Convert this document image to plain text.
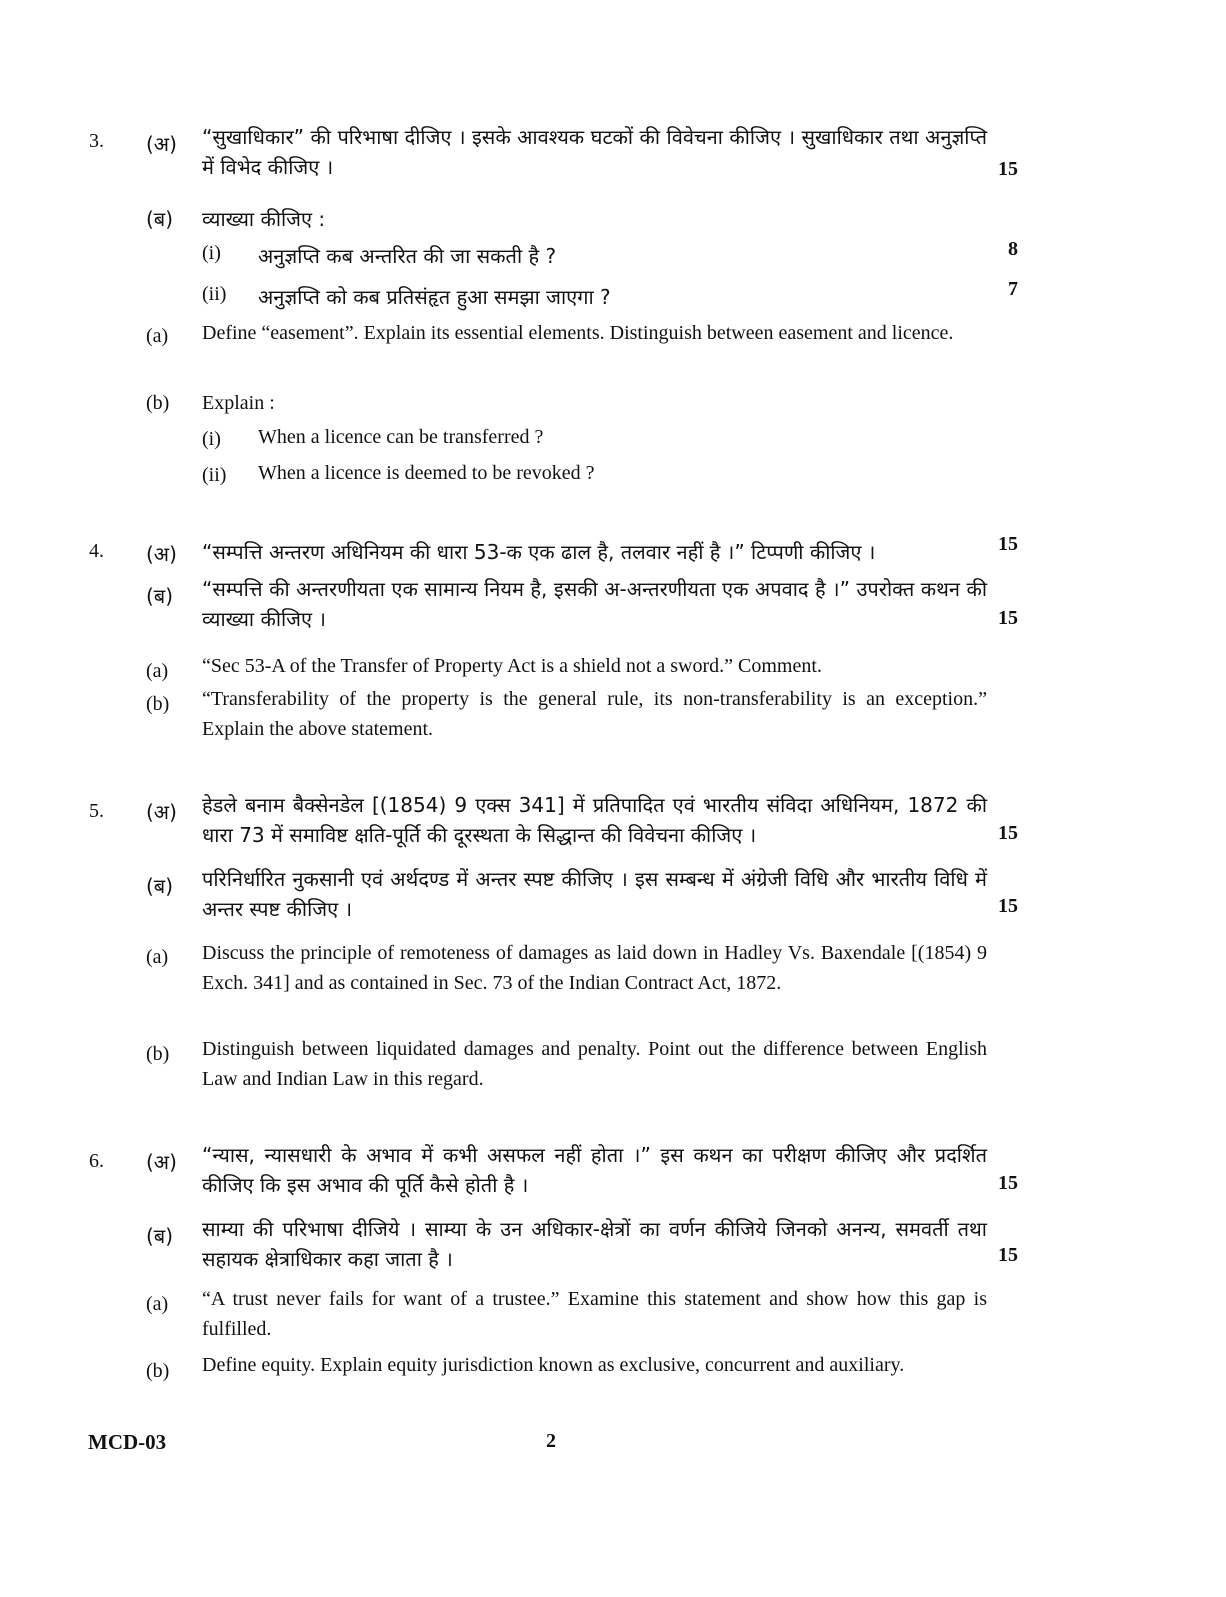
3. (अ) “सुखाधिकार” की परिभाषा दीजिए । इसके आवश्यक घटकों की विवेचना कीजिए । सुखाधिकार तथा अनुज्ञप्ति में विभेद कीजिए ।	15
(ब) व्याख्या कीजिए :
(i) अनुज्ञप्ति कब अन्तरित की जा सकती है ?	8
(ii) अनुज्ञप्ति को कब प्रतिसंहृत हुआ समझा जाएगा ?	7
(a) Define “easement”. Explain its essential elements. Distinguish between easement and licence.
(b) Explain :
(i) When a licence can be transferred ?
(ii) When a licence is deemed to be revoked ?
4. (अ) “सम्पत्ति अन्तरण अधिनियम की धारा 53-क एक ढाल है, तलवार नहीं है ।” टिप्पणी कीजिए ।	15
(ब) “सम्पत्ति की अन्तरणीयता एक सामान्य नियम है, इसकी अ-अन्तरणीयता एक अपवाद है ।” उपरोक्त कथन की व्याख्या कीजिए ।	15
(a) “Sec 53-A of the Transfer of Property Act is a shield not a sword.” Comment.
(b) “Transferability of the property is the general rule, its non-transferability is an exception.” Explain the above statement.
5. (अ) हेडले बनाम बैक्सेनडेल [(1854) 9 एक्स 341] में प्रतिपादित एवं भारतीय संविदा अधिनियम, 1872 की धारा 73 में समाविष्ट क्षति-पूर्ति की दूरस्थता के सिद्धान्त की विवेचना कीजिए ।	15
(ब) परिनिर्धारित नुकसानी एवं अर्थदण्ड में अन्तर स्पष्ट कीजिए । इस सम्बन्ध में अंग्रेजी विधि और भारतीय विधि में अन्तर स्पष्ट कीजिए ।	15
(a) Discuss the principle of remoteness of damages as laid down in Hadley Vs. Baxendale [(1854) 9 Exch. 341] and as contained in Sec. 73 of the Indian Contract Act, 1872.
(b) Distinguish between liquidated damages and penalty. Point out the difference between English Law and Indian Law in this regard.
6. (अ) “न्यास, न्यासधारी के अभाव में कभी असफल नहीं होता ।” इस कथन का परीक्षण कीजिए और प्रदर्शित कीजिए कि इस अभाव की पूर्ति कैसे होती है ।	15
(ब) साम्या की परिभाषा दीजिये । साम्या के उन अधिकार-क्षेत्रों का वर्णन कीजिये जिनको अनन्य, समवर्ती तथा सहायक क्षेत्राधिकार कहा जाता है ।	15
(a) “A trust never fails for want of a trustee.” Examine this statement and show how this gap is fulfilled.
(b) Define equity. Explain equity jurisdiction known as exclusive, concurrent and auxiliary.
MCD-03	2
